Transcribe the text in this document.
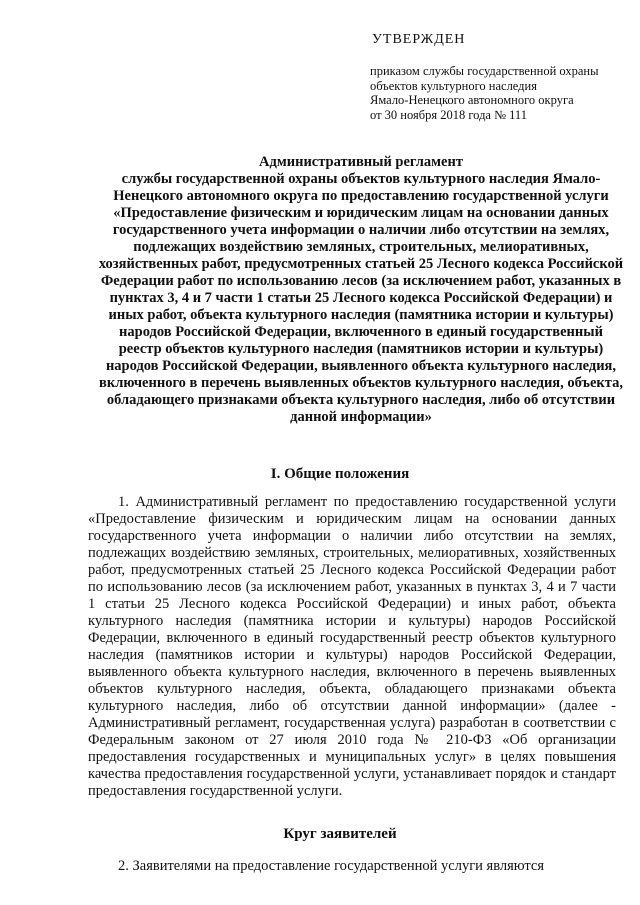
УТВЕРЖДЕН
приказом службы государственной охраны
объектов культурного наследия
Ямало-Ненецкого автономного округа
от 30 ноября 2018 года № 111
Административный регламент
службы государственной охраны объектов культурного наследия Ямало-Ненецкого автономного округа по предоставлению государственной услуги «Предоставление физическим и юридическим лицам на основании данных государственного учета информации о наличии либо отсутствии на землях, подлежащих воздействию земляных, строительных, мелиоративных, хозяйственных работ, предусмотренных статьей 25 Лесного кодекса Российской Федерации работ по использованию лесов (за исключением работ, указанных в пунктах 3, 4 и 7 части 1 статьи 25 Лесного кодекса Российской Федерации) и иных работ, объекта культурного наследия (памятника истории и культуры) народов Российской Федерации, включенного в единый государственный реестр объектов культурного наследия (памятников истории и культуры) народов Российской Федерации, выявленного объекта культурного наследия, включенного в перечень выявленных объектов культурного наследия, объекта, обладающего признаками объекта культурного наследия, либо об отсутствии данной информации»
I. Общие положения
1. Административный регламент по предоставлению государственной услуги «Предоставление физическим и юридическим лицам на основании данных государственного учета информации о наличии либо отсутствии на землях, подлежащих воздействию земляных, строительных, мелиоративных, хозяйственных работ, предусмотренных статьей 25 Лесного кодекса Российской Федерации работ по использованию лесов (за исключением работ, указанных в пунктах 3, 4 и 7 части 1 статьи 25 Лесного кодекса Российской Федерации) и иных работ, объекта культурного наследия (памятника истории и культуры) народов Российской Федерации, включенного в единый государственный реестр объектов культурного наследия (памятников истории и культуры) народов Российской Федерации, выявленного объекта культурного наследия, включенного в перечень выявленных объектов культурного наследия, объекта, обладающего признаками объекта культурного наследия, либо об отсутствии данной информации» (далее - Административный регламент, государственная услуга) разработан в соответствии с Федеральным законом от 27 июля 2010 года № 210-ФЗ «Об организации предоставления государственных и муниципальных услуг» в целях повышения качества предоставления государственной услуги, устанавливает порядок и стандарт предоставления государственной услуги.
Круг заявителей
2. Заявителями на предоставление государственной услуги являются
